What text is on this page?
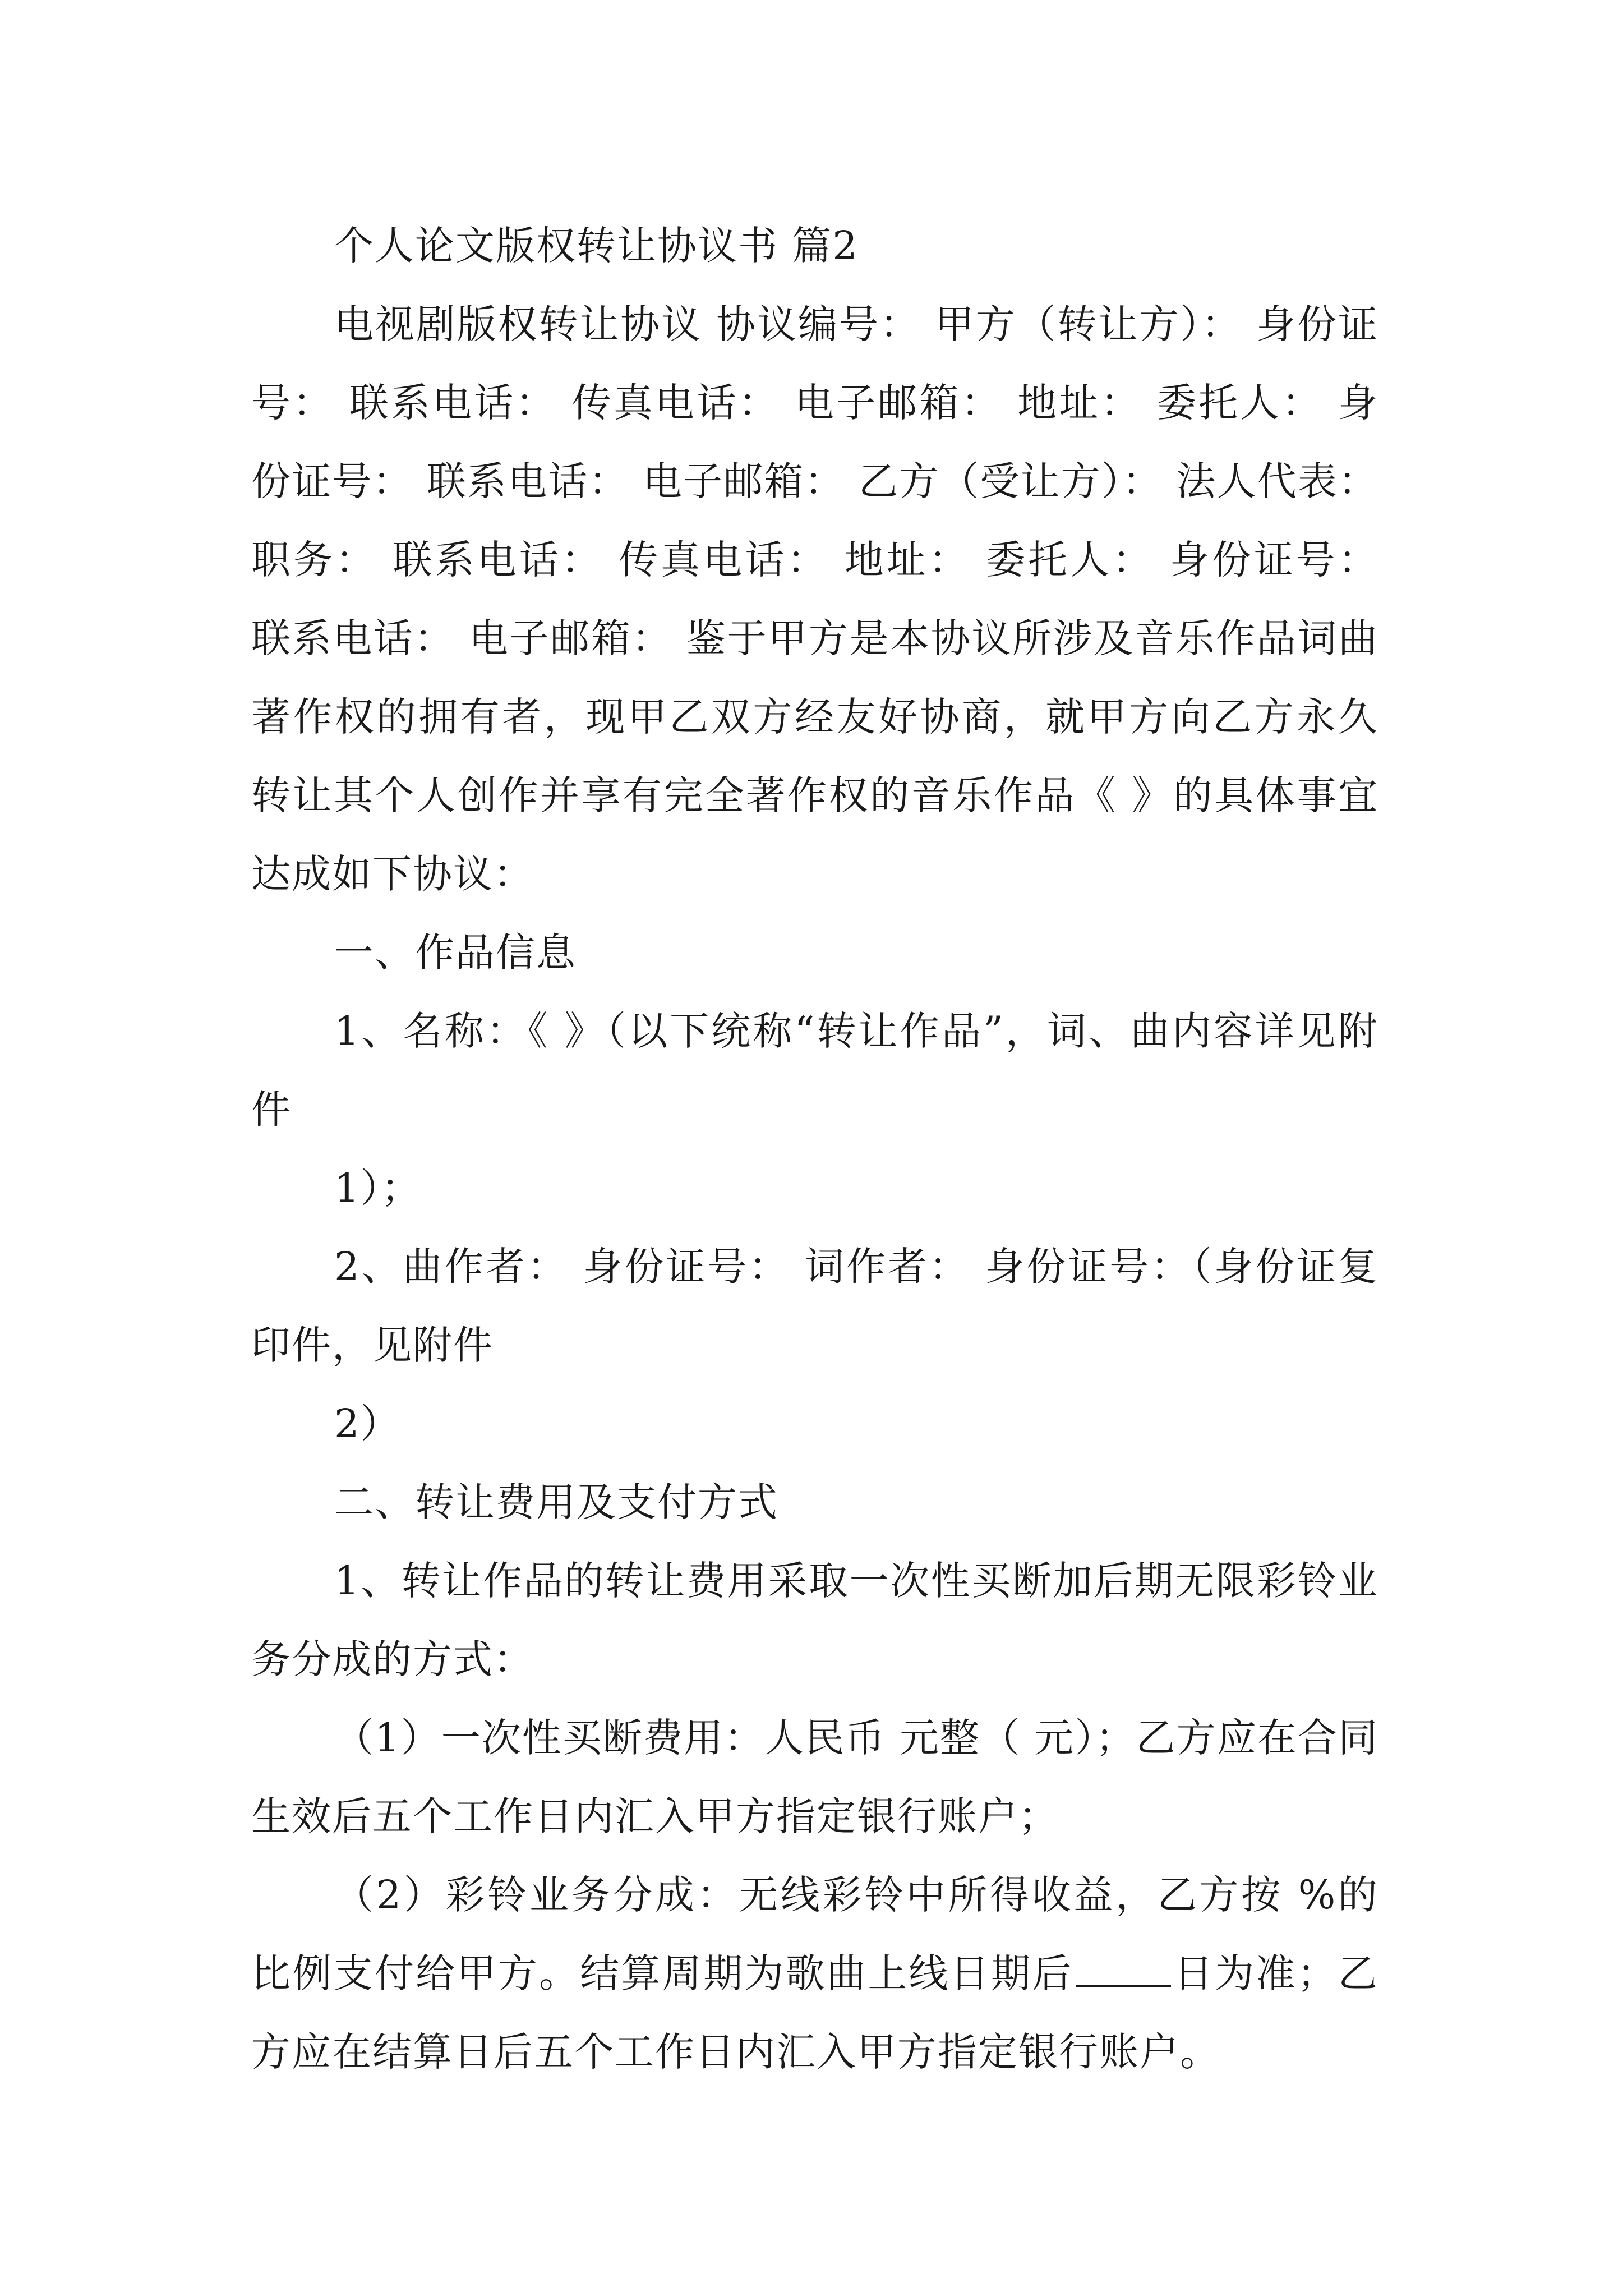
个人论文版权转让协议书 篇2

电视剧版权转让协议 协议编号： 甲方（转让方）： 身份证号： 联系电话： 传真电话： 电子邮箱： 地址： 委托人： 身份证号： 联系电话： 电子邮箱： 乙方（受让方）： 法人代表： 职务： 联系电话： 传真电话： 地址： 委托人： 身份证号： 联系电话： 电子邮箱： 鉴于甲方是本协议所涉及音乐作品词曲著作权的拥有者，现甲乙双方经友好协商，就甲方向乙方永久转让其个人创作并享有完全著作权的音乐作品《 》的具体事宜达成如下协议：

一、作品信息

1、名称：《 》（以下统称“转让作品”，词、曲内容详见附件

1）；

2、曲作者： 身份证号： 词作者： 身份证号：（身份证复印件，见附件

2）

二、转让费用及支付方式

1、转让作品的转让费用采取一次性买断加后期无限彩铃业务分成的方式：

（1）一次性买断费用：人民币 元整（ 元）；乙方应在合同生效后五个工作日内汇入甲方指定银行账户；

（2）彩铃业务分成：无线彩铃中所得收益，乙方按 %的比例支付给甲方。结算周期为歌曲上线日期后	日为准；乙方应在结算日后五个工作日内汇入甲方指定银行账户。
